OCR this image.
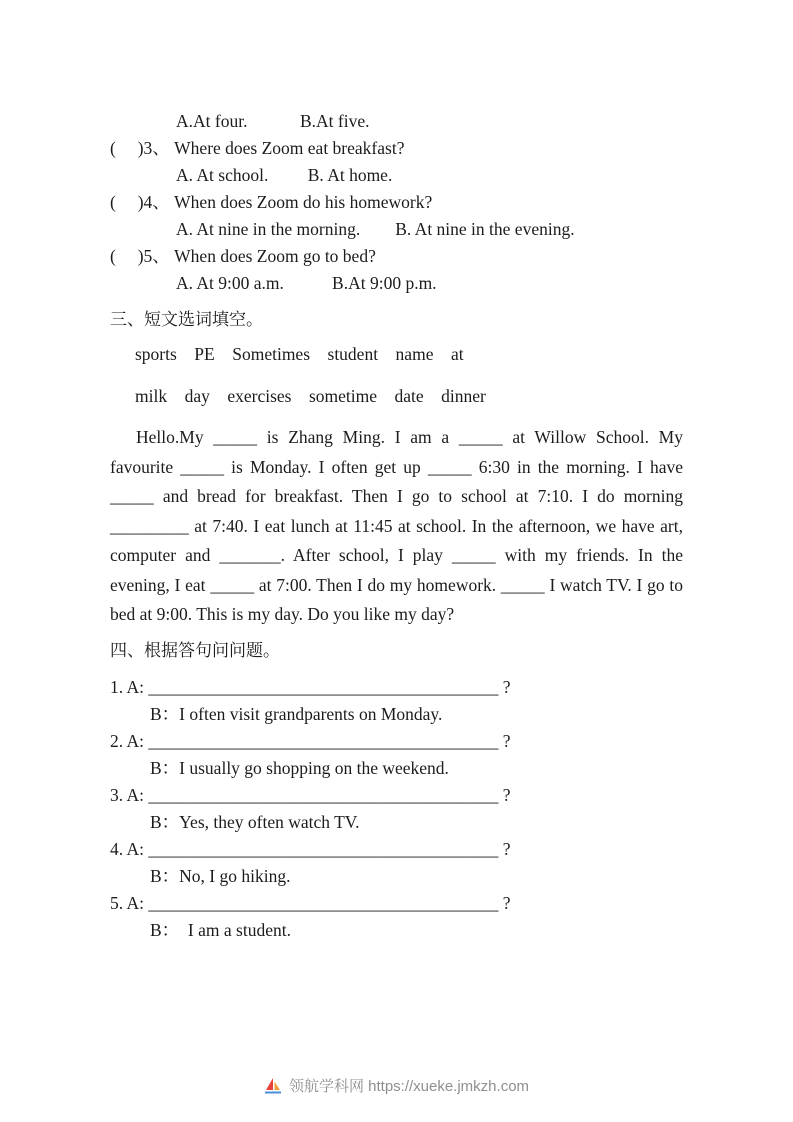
A.At four.            B.At five.

(     )3、 Where does Zoom eat breakfast?

A. At school.         B. At home.

(     )4、 When does Zoom do his homework?

A. At nine in the morning.        B. At nine in the evening.

(     )5、 When does Zoom go to bed?

A. At 9:00 a.m.           B.At 9:00 p.m.

三、短文选词填空。

sports    PE    Sometimes    student    name    at

milk    day    exercises    sometime    date    dinner

Hello.My _____ is Zhang Ming. I am a _____ at Willow School. My favourite _____ is Monday. I often get up _____ 6:30 in the morning. I have _____ and bread for breakfast. Then I go to school at 7:10. I do morning _________ at 7:40. I eat lunch at 11:45 at school. In the afternoon, we have art, computer and _______. After school, I play _____ with my friends. In the evening, I eat _____ at 7:00. Then I do my homework. _____ I watch TV. I go to bed at 9:00. This is my day. Do you like my day?

四、根据答句问问题。

1. A: ________________________________________ ?

B：I often visit grandparents on Monday.

2. A: ________________________________________ ?

B：I usually go shopping on the weekend.

3. A: ________________________________________ ?

B：Yes, they often watch TV.

4. A: ________________________________________ ?

B：No, I go hiking.

5. A: ________________________________________ ?

B：  I am a student.

领航学科网 https://xueke.jmkzh.com
